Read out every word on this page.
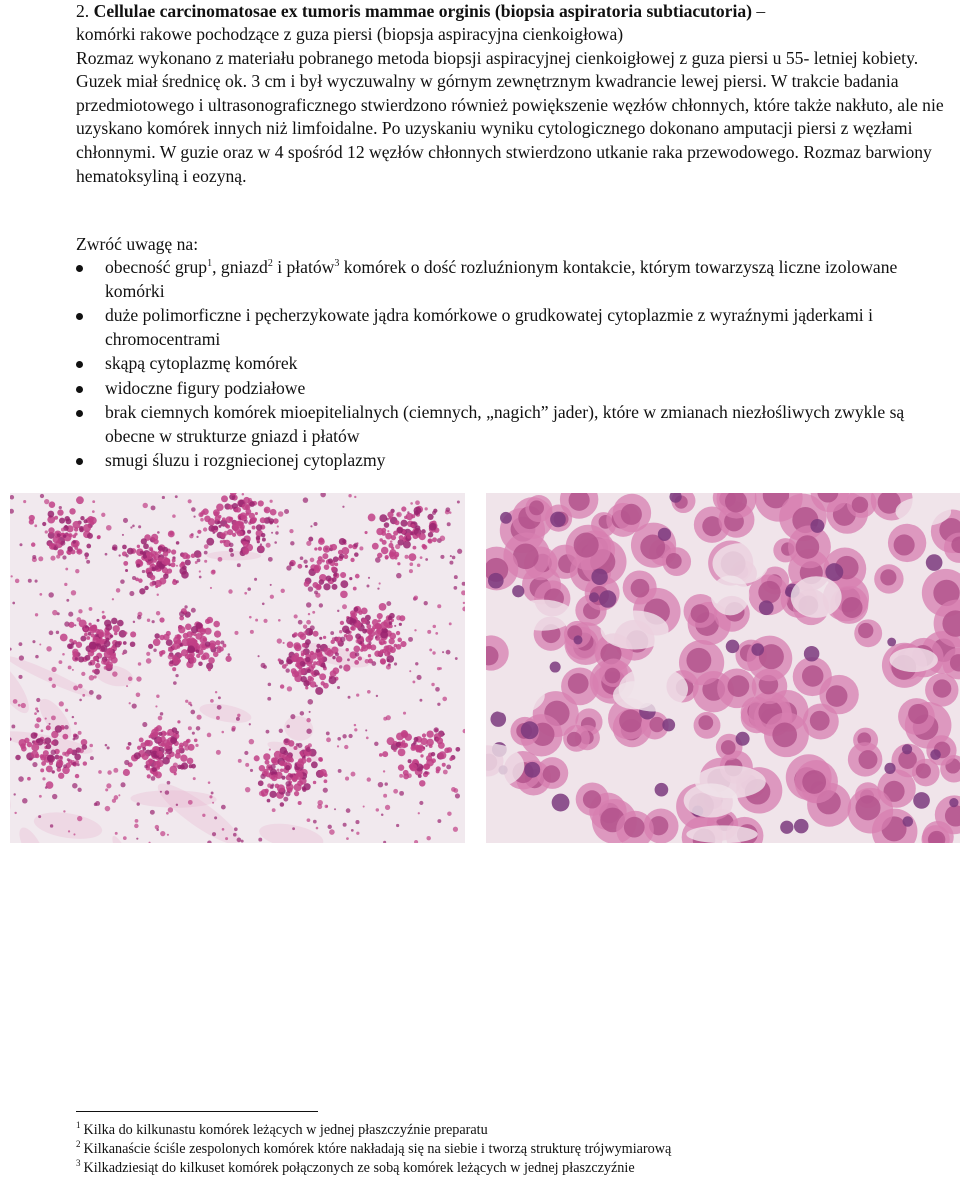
2. Cellulae carcinomatosae ex tumoris mammae orginis (biopsia aspiratoria subtiacutoria) –

komórki rakowe pochodzące z guza piersi (biopsja aspiracyjna cienkoigłowa)

Rozmaz wykonano z materiału pobranego metoda biopsji aspiracyjnej cienkoigłowej z guza piersi u 55- letniej kobiety. Guzek miał średnicę ok. 3 cm i był wyczuwalny w górnym zewnętrznym kwadrancie lewej piersi. W trakcie badania przedmiotowego i ultrasonograficznego stwierdzono również powiększenie węzłów chłonnych, które także nakłuto, ale nie uzyskano komórek innych niż limfoidalne. Po uzyskaniu wyniku cytologicznego dokonano amputacji piersi z węzłami chłonnymi. W guzie oraz w 4 spośród 12 węzłów chłonnych stwierdzono utkanie raka przewodowego. Rozmaz barwiony hematoksyliną i eozyną.

Zwróć uwagę na:
obecność grup$^1$, gniazd$^2$ i płatów$^3$ komórek o dość rozluźnionym kontakcie, którym towarzyszą liczne izolowane komórki
duże polimorficzne i pęcherzykowate jądra komórkowe o grudkowatej cytoplazmie z wyraźnymi jąderkami i chromocentrami
skąpą cytoplazmę komórek
widoczne figury podziałowe
brak ciemnych komórek mioepitelialnych (ciemnych, „nagich” jader), które w zmianach niezłośliwych zwykle są obecne w strukturze gniazd i płatów
smugi śluzu i rozgniecionej cytoplazmy
$^1$ Kilka do kilkunastu komórek leżących w jednej płaszczyźnie preparatu
$^2$ Kilkanaście ściśle zespolonych komórek które nakładają się na siebie i tworzą strukturę trójwymiarową
$^3$ Kilkadziesiąt do kilkuset komórek połączonych ze sobą komórek leżących w jednej płaszczyźnie
